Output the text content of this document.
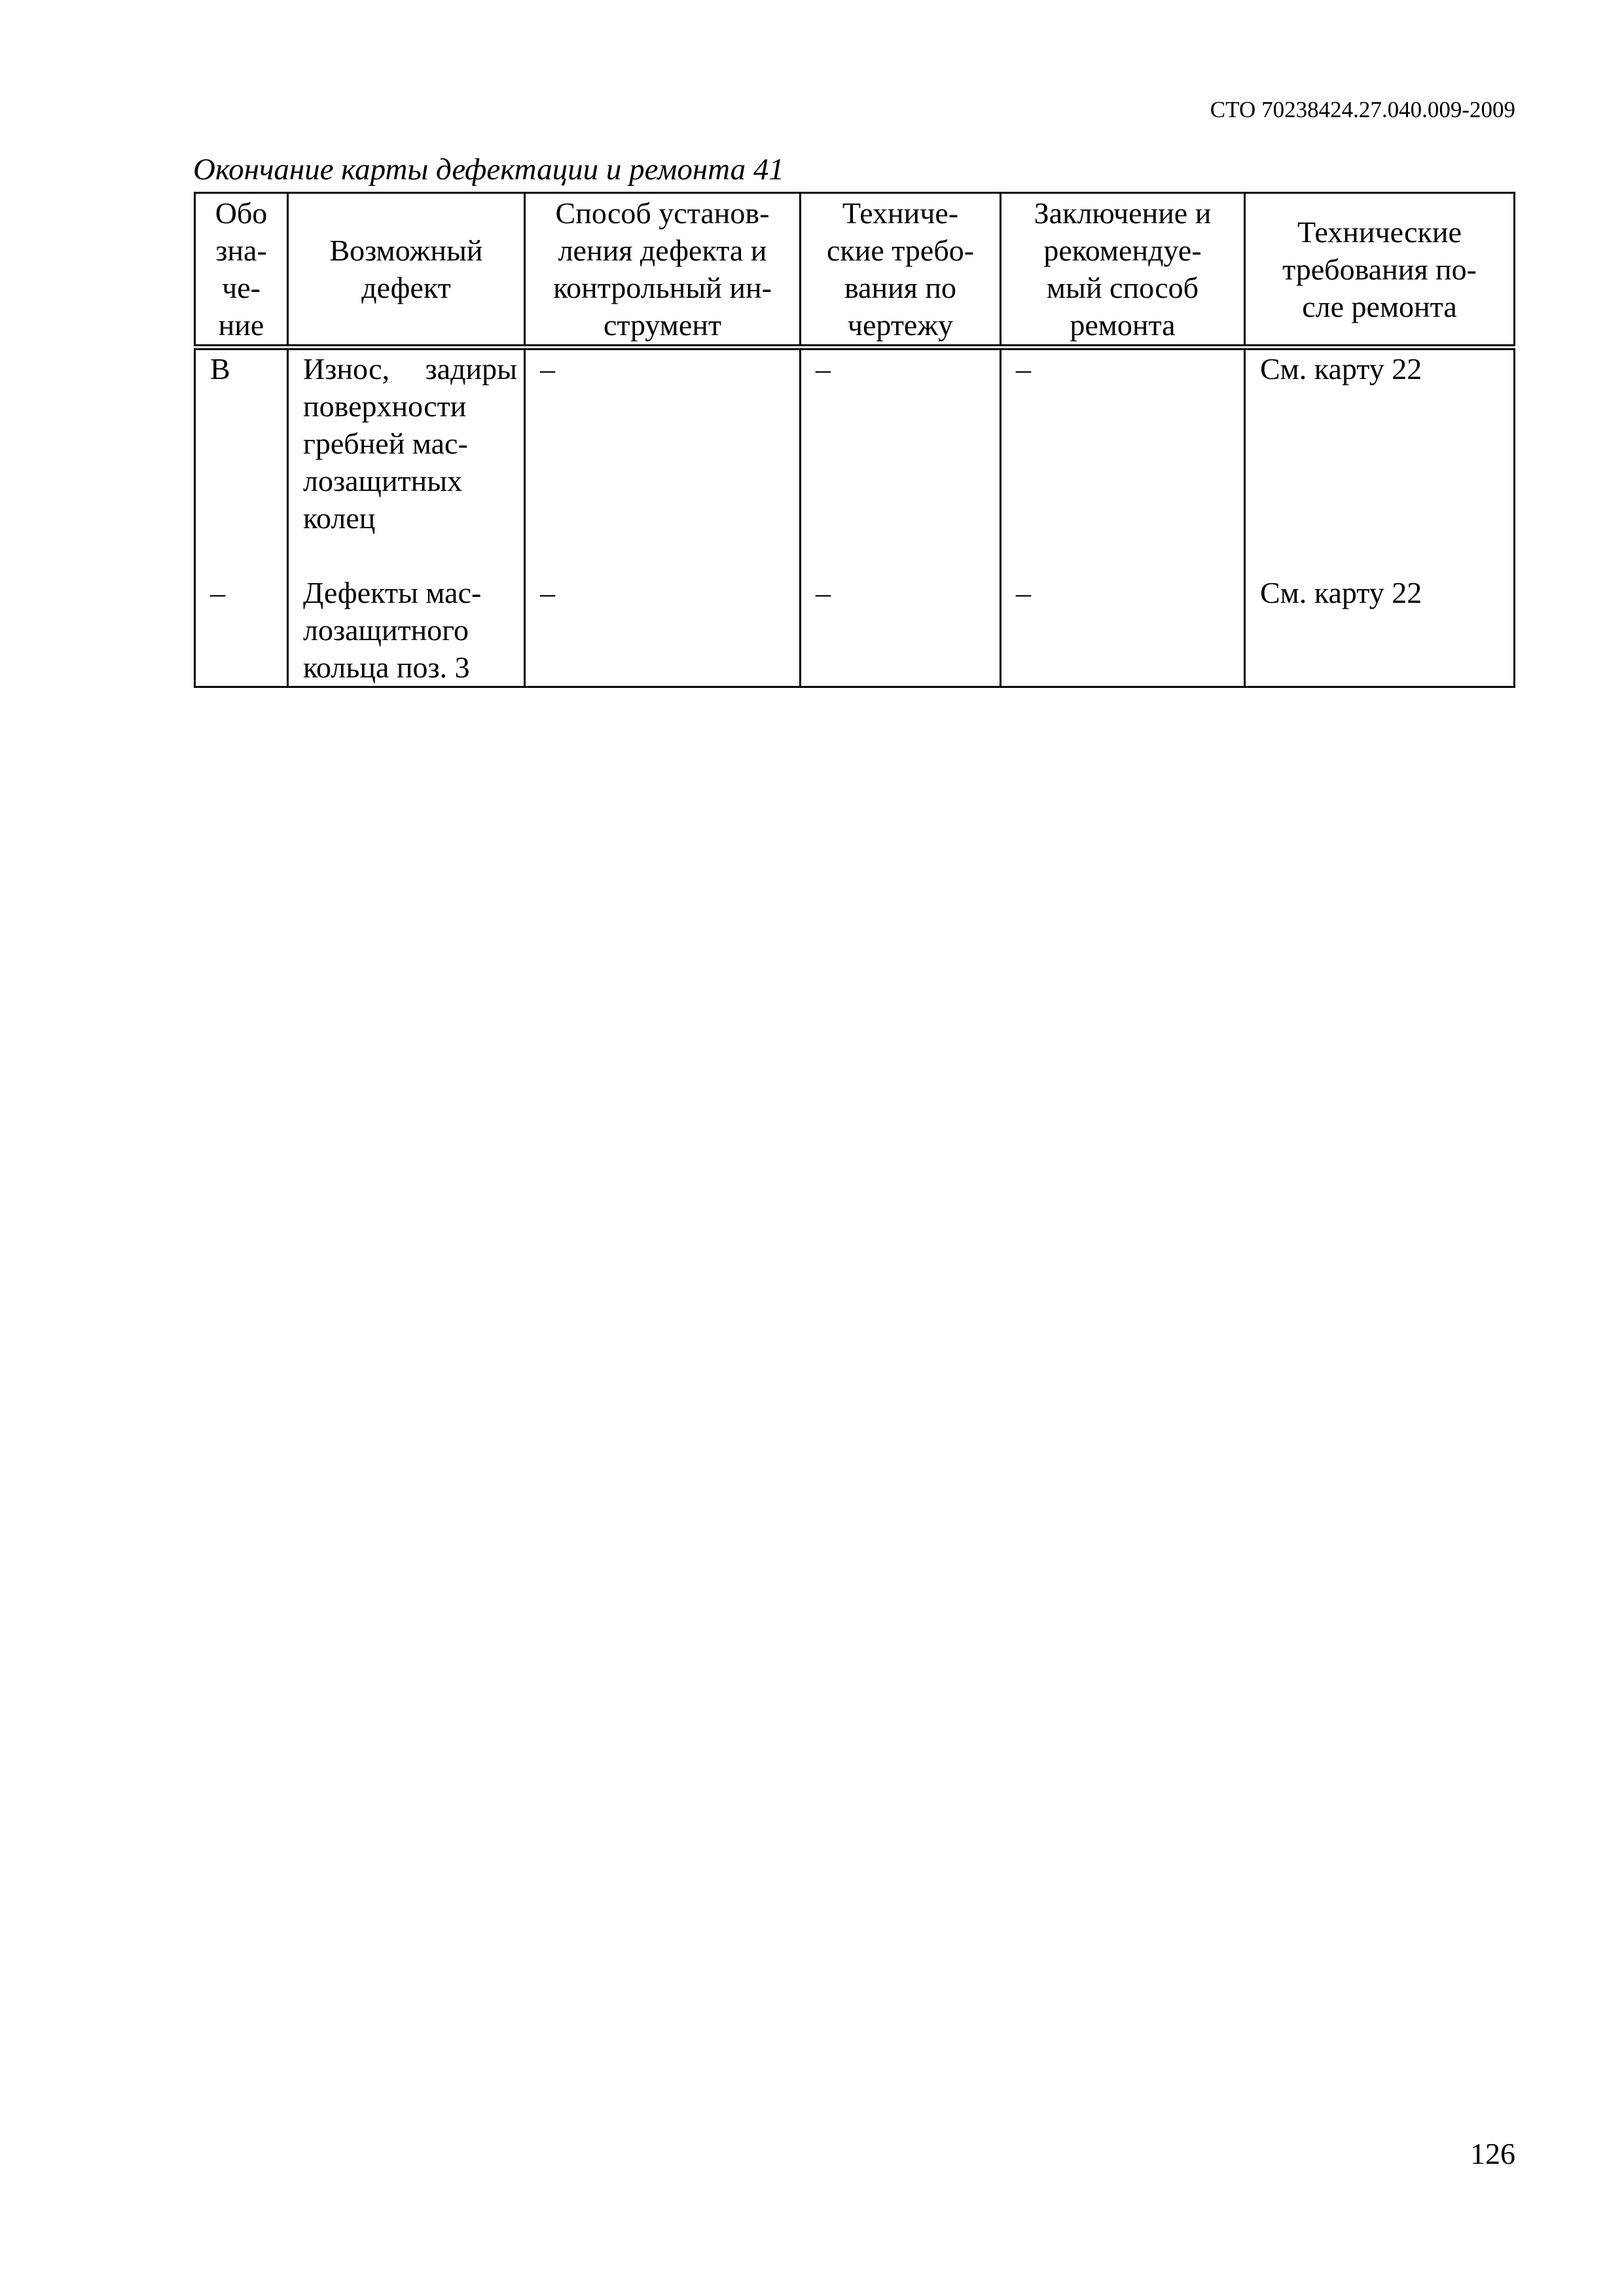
СТО 70238424.27.040.009-2009
Окончание карты дефектации и ремонта 41
Обо
зна-
че-
ние	Возможный
дефект	Способ установ-
ления дефекта и
контрольный ин-
струмент	Техниче-
ские требо-
вания по
чертежу	Заключение и
рекомендуе-
мый способ
ремонта	Технические
требования по-
сле ремонта
В	Износ, задиры поверхности гребней мас-
лозащитных колец	–	–	–	См. карту 22
–	Дефекты мас-
лозащитного кольца поз. 3	–	–	–	См. карту 22
126
